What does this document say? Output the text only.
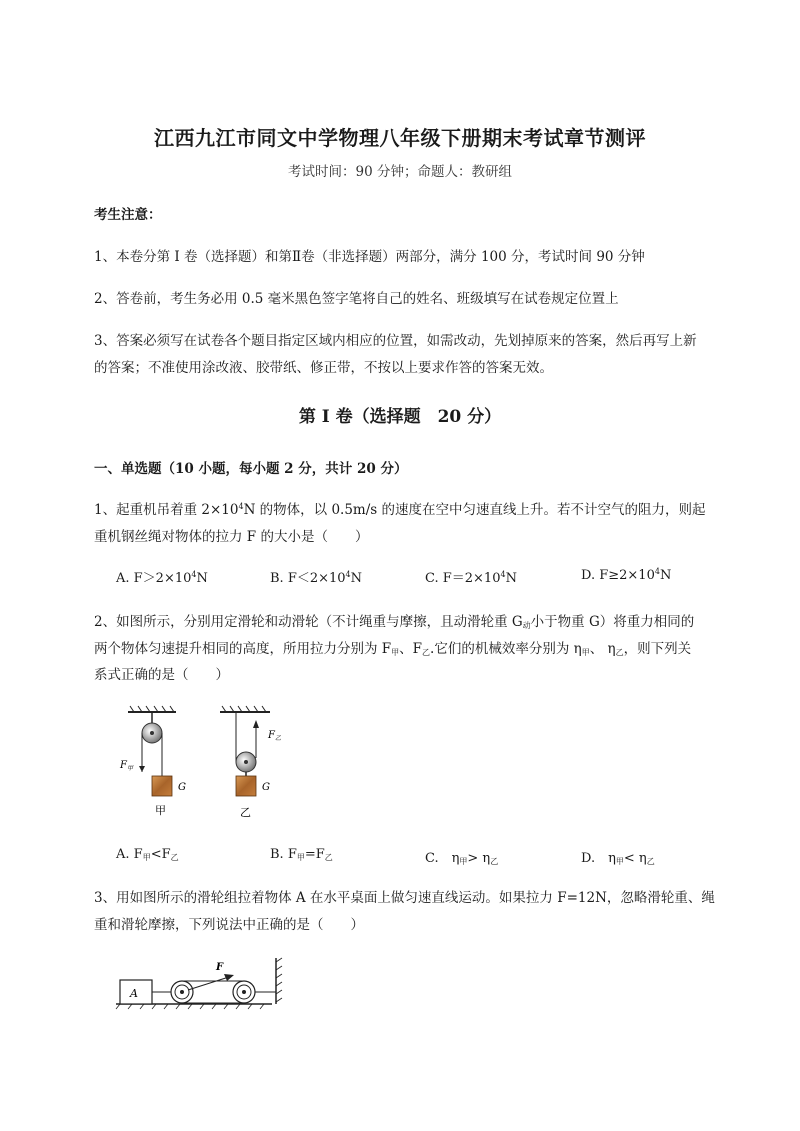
江西九江市同文中学物理八年级下册期末考试章节测评
考试时间：90 分钟；命题人：教研组
考生注意：
1、本卷分第 I 卷（选择题）和第Ⅱ卷（非选择题）两部分，满分 100 分，考试时间 90 分钟
2、答卷前，考生务必用 0.5 毫米黑色签字笔将自己的姓名、班级填写在试卷规定位置上
3、答案必须写在试卷各个题目指定区域内相应的位置，如需改动，先划掉原来的答案，然后再写上新
的答案；不准使用涂改液、胶带纸、修正带，不按以上要求作答的答案无效。
第 I 卷（选择题　20 分）
一、单选题（10 小题，每小题 2 分，共计 20 分）
1、起重机吊着重 $2\times 10^4N$ 的物体，以 0.5m/s 的速度在空中匀速直线上升。若不计空气的阻力，则起
重机钢丝绳对物体的拉力 F 的大小是（　　）
A. $F>2\times 10^4N$	B. $F<2\times 10^4N$	C. $F=2\times 10^4N$	D. $F\ge 2\times 10^4N$
2、如图所示，分别用定滑轮和动滑轮（不计绳重与摩擦，且动滑轮重 $G_动$小于物重 G）将重力相同的
两个物体匀速提升相同的高度，所用拉力分别为 $F_甲$、$F_乙$.它们的机械效率分别为 $\eta_甲$、 $\eta_乙$，则下列关
系式正确的是（　　）
$F_甲$
G
甲
$F_乙$
G
乙
A. $F_甲<F_乙$	B. $F_甲=F_乙$	C.　$\eta_甲> \eta_乙$	D.　$\eta_甲< \eta_乙$
3、用如图所示的滑轮组拉着物体 A 在水平桌面上做匀速直线运动。如果拉力 F=12N，忽略滑轮重、绳
重和滑轮摩擦，下列说法中正确的是（　　）
A
F
